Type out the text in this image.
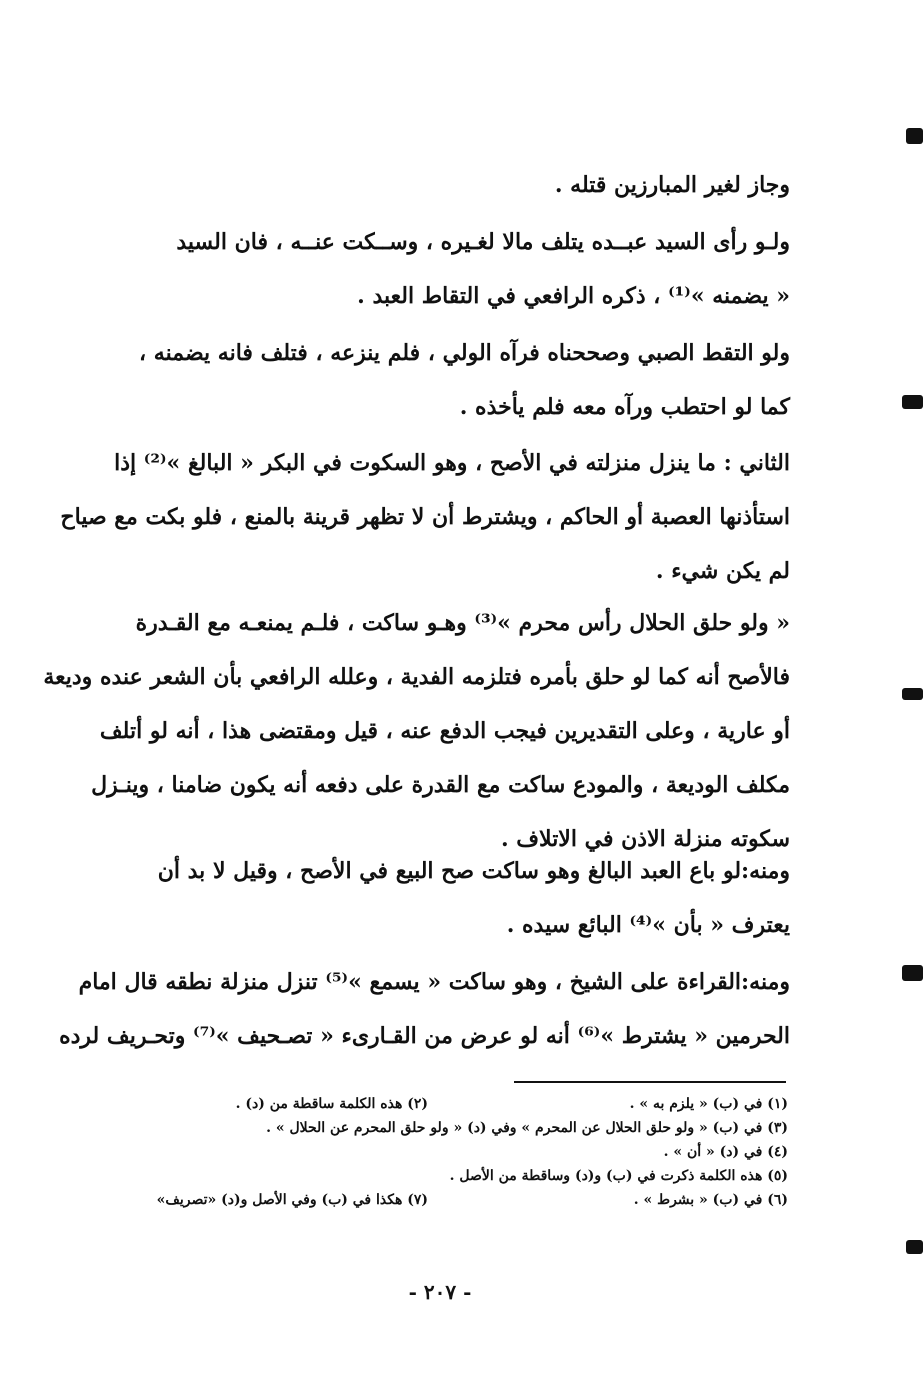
وجاز لغير المبارزين قتله .
ولـو رأى السيد عبــده يتلف مالا لغـيره ، وســكت عنــه ، فان السيد
« يضمنه »⁽¹⁾ ، ذكره الرافعي في التقاط العبد .
ولو التقط الصبي وصححناه فرآه الولي ، فلم ينزعه ، فتلف فانه يضمنه ،
كما لو احتطب ورآه معه فلم يأخذه .
الثاني : ما ينزل منزلته في الأصح ، وهو السكوت في البكر « البالغ »⁽²⁾ إذا
استأذنها العصبة أو الحاكم ، ويشترط أن لا تظهر قرينة بالمنع ، فلو بكت مع صياح
لم يكن شيء .
« ولو حلق الحلال رأس محرم »⁽³⁾ وهـو ساكت ، فلـم يمنعـه مع القـدرة
فالأصح أنه كما لو حلق بأمره فتلزمه الفدية ، وعلله الرافعي بأن الشعر عنده وديعة
أو عارية ، وعلى التقديرين فيجب الدفع عنه ، قيل ومقتضى هذا ، أنه لو أتلف
مكلف الوديعة ، والمودع ساكت مع القدرة على دفعه أنه يكون ضامنا ، وينـزل
سكوته منزلة الاذن في الاتلاف .
ومنه:لو باع العبد البالغ وهو ساكت صح البيع في الأصح ، وقيل لا بد أن
يعترف « بأن »⁽⁴⁾ البائع سيده .
ومنه:القراءة على الشيخ ، وهو ساكت « يسمع »⁽⁵⁾ تنزل منزلة نطقه قال امام
الحرمين « يشترط »⁽⁶⁾ أنه لو عرض من القـارىء « تصـحيف »⁽⁷⁾ وتحـريف لرده
(١) في (ب) « يلزم به » .
(٢) هذه الكلمة ساقطة من (د) .
(٣) في (ب) « ولو حلق الحلال عن المحرم » وفي (د) « ولو حلق المحرم عن الحلال » .
(٤) في (د) « أن » .
(٥) هذه الكلمة ذكرت في (ب) و(د) وساقطة من الأصل .
(٦) في (ب) « بشرط » .
(٧) هكذا في (ب) وفي الأصل و(د) «تصريف»
- ٢٠٧ -
